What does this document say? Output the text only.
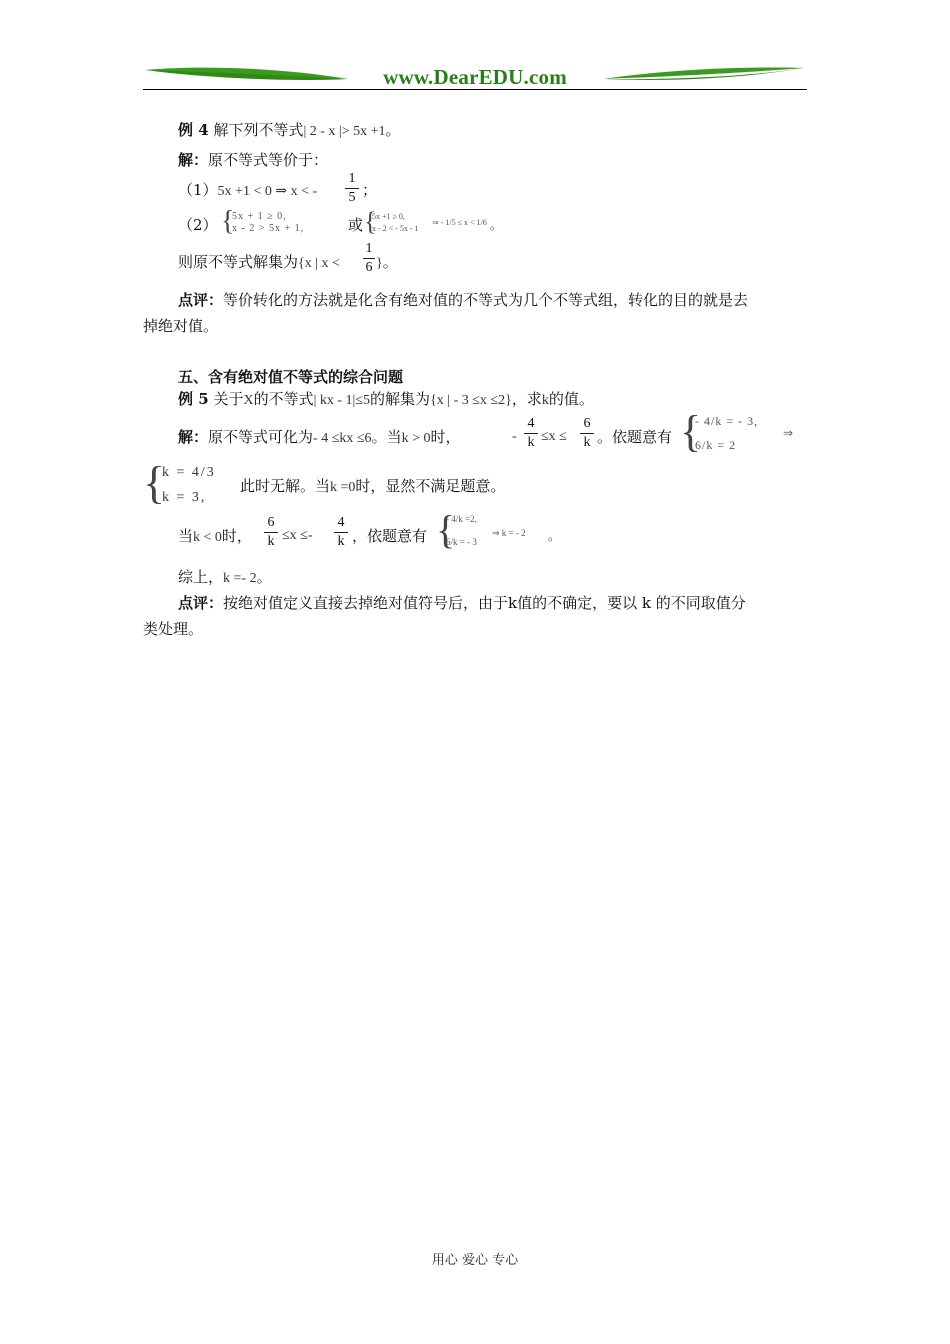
www.DearEDU.com
例 4 解下列不等式| 2 - x |> 5x +1。
解：原不等式等价于：
（1）5x +1 < 0 ⇒ x < -
1
5 ；
（2） {
5x + 1 ≥ 0,
x - 2 > 5x + 1,	或 {
5x +1 ≥ 0,
x - 2 < - 5x - 1
⇒ - 1/5 ≤ x < 1/6 。
则原不等式解集为{x | x <
1
6 }。
点评：等价转化的方法就是化含有绝对值的不等式为几个不等式组，转化的目的就是去
掉绝对值。
五、含有绝对值不等式的综合问题
例 5 关于X的不等式| kx - 1|≤5的解集为{x | - 3 ≤x ≤2}，求k的值。
解：原不等式可化为- 4 ≤kx ≤6。当k > 0时，	-
4
k ≤x ≤
6
k 。依题意有 {
- 4/k = - 3,
6/k = 2
⇒
{
k = 4/3
k = 3,
此时无解。当k =0时，显然不满足题意。
当k < 0时，
6
k ≤x ≤-
4
k ，依题意有 {
- 4/k =2,
6/k = - 3
⇒ k = - 2 。
综上，k =- 2。
点评：按绝对值定义直接去掉绝对值符号后，由于k值的不确定，要以 k 的不同取值分
类处理。
用心 爱心 专心
